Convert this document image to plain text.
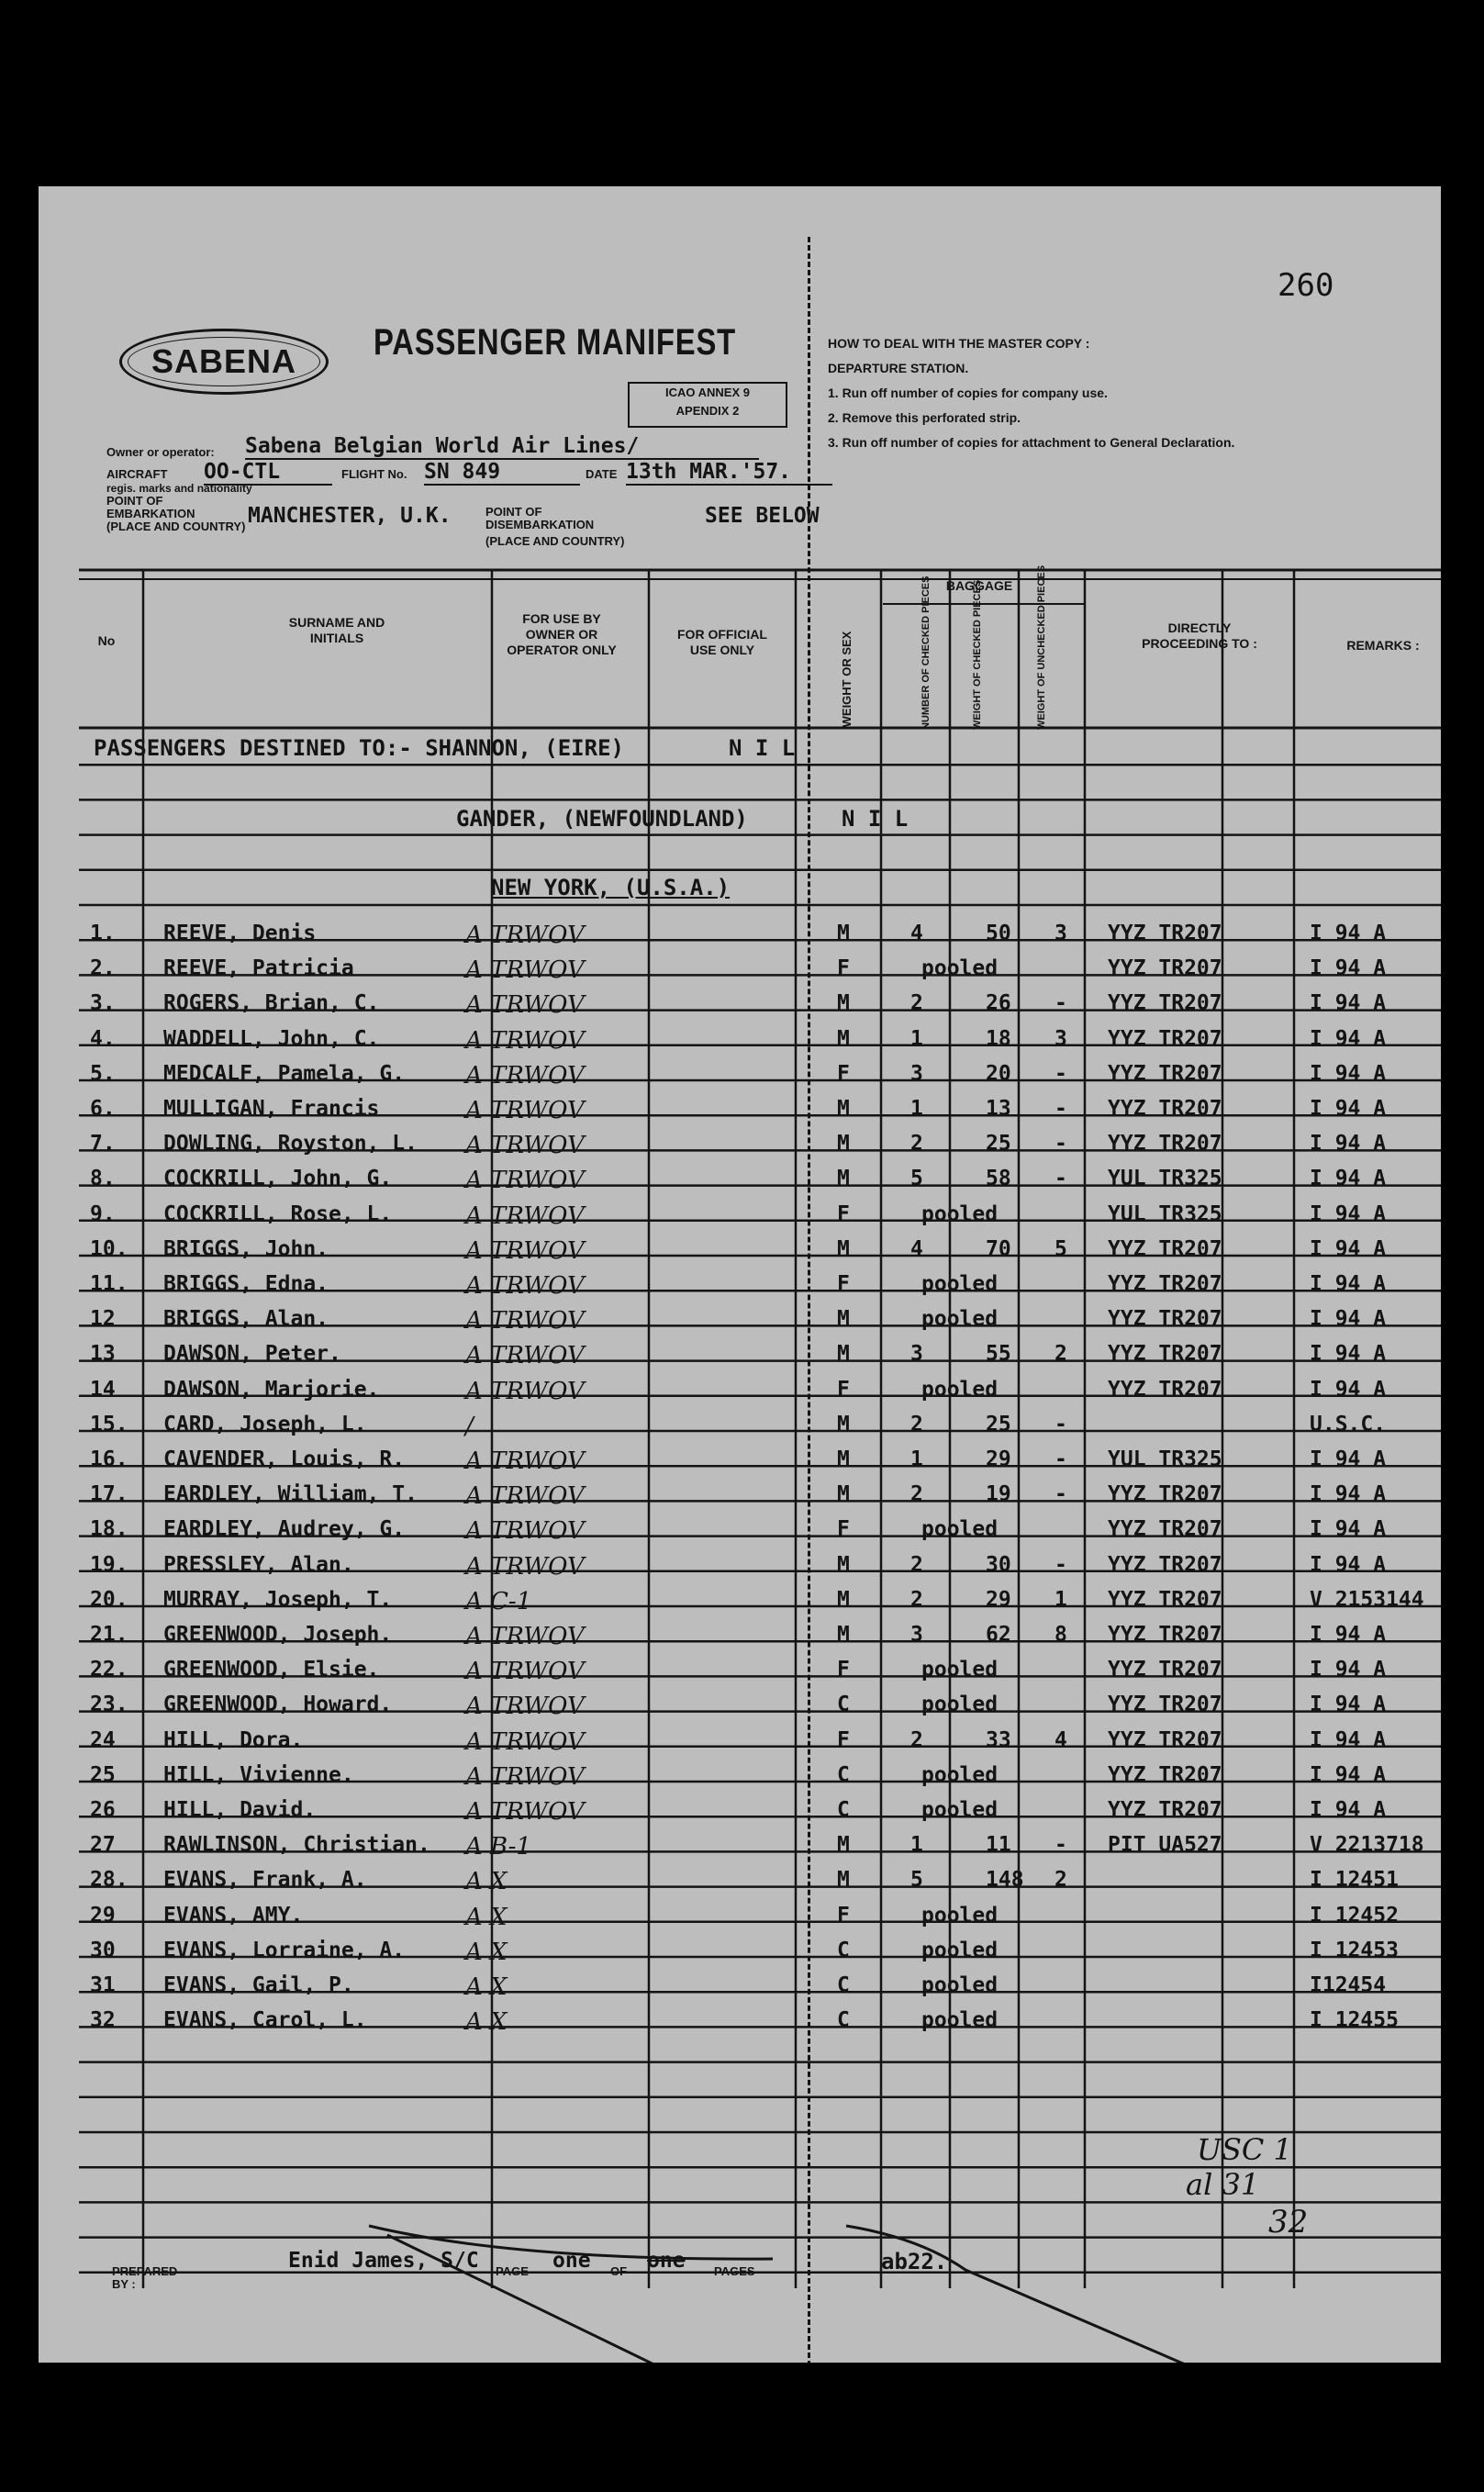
260
SABENA PASSENGER MANIFEST
ICAO ANNEX 9
APENDIX 2
HOW TO DEAL WITH THE MASTER COPY :
DEPARTURE STATION.
1. Run off number of copies for company use.
2. Remove this perforated strip.
3. Run off number of copies for attachment to General Declaration.
Owner or operator: Sabena Belgian World Air Lines/
AIRCRAFT
regis. marks and nationality
OO-CTL	FLIGHT No. SN 849	DATE 13th MAR.'57.
POINT OF EMBARKATION
(PLACE AND COUNTRY) MANCHESTER, U.K.	POINT OF DISEMBARKATION
(PLACE AND COUNTRY)
SEE BELOW
No
SURNAME AND INITIALS
FOR USE BY OWNER OR OPERATOR ONLY
FOR OFFICIAL USE ONLY	WEIGHT OR SEX
BAGGAGE
NUMBER OF CHECKED PIECES	WEIGHT OF CHECKED PIECES	WEIGHT OF UNCHECKED PIECES	DIRECTLY PROCEEDING TO :	REMARKS :
PASSENGERS DESTINED TO:- SHANNON, (EIRE)	N I L
GANDER, (NEWFOUNDLAND)	N I L
NEW YORK, (U.S.A.)
1. REEVE, Denis	A TRWOV	M	4	50 3 YYZ TR207	I 94 A
2. REEVE, Patricia	A TRWOV	F	pooled	YYZ TR207	I 94 A
3. ROGERS, Brian, C.	A TRWOV	M	2	26 - YYZ TR207	I 94 A
4. WADDELL, John, C.	A TRWOV	M	1	18 3 YYZ TR207	I 94 A
5. MEDCALF, Pamela, G.	A TRWOV	F	3	20 - YYZ TR207	I 94 A
6. MULLIGAN, Francis	A TRWOV	M	1	13 - YYZ TR207	I 94 A
7. DOWLING, Royston, L. A TRWOV	M	2	25 - YYZ TR207	I 94 A
8. COCKRILL, John, G.	A TRWOV	M	5	58 - YUL TR325	I 94 A
9. COCKRILL, Rose, L.	A TRWOV	F	pooled	YUL TR325	I 94 A
10. BRIGGS, John.	A TRWOV	M	4	70 5 YYZ TR207	I 94 A
11. BRIGGS, Edna.	A TRWOV	F	pooled	YYZ TR207	I 94 A
12 BRIGGS, Alan.	A TRWOV	M	pooled	YYZ TR207	I 94 A
13 DAWSON, Peter.	A TRWOV	M	3	55 2 YYZ TR207	I 94 A
14 DAWSON, Marjorie.	A TRWOV	F	pooled	YYZ TR207	I 94 A
15. CARD, Joseph, L.	/	M	2	25 -	U.S.C.
16. CAVENDER, Louis, R.	A TRWOV	M	1	29 - YUL TR325	I 94 A
17. EARDLEY, William, T. A TRWOV	M	2	19 - YYZ TR207	I 94 A
18. EARDLEY, Audrey, G.	A TRWOV	F	pooled	YYZ TR207	I 94 A
19. PRESSLEY, Alan.	A TRWOV	M	2	30 - YYZ TR207	I 94 A
20. MURRAY, Joseph, T.	A C-1	M	2	29 1 YYZ TR207	V 2153144
21. GREENWOOD, Joseph.	A TRWOV	M	3	62 8 YYZ TR207	I 94 A
22. GREENWOOD, Elsie.	A TRWOV	F	pooled	YYZ TR207	I 94 A
23. GREENWOOD, Howard.	A TRWOV	C	pooled	YYZ TR207	I 94 A
24 HILL, Dora.	A TRWOV	F	2	33 4 YYZ TR207	I 94 A
25 HILL, Vivienne.	A TRWOV	C	pooled	YYZ TR207	I 94 A
26 HILL, David.	A TRWOV	C	pooled	YYZ TR207	I 94 A
27 RAWLINSON, Christian. A B-1	M	1	11 - PIT UA527	V 2213718
28. EVANS, Frank, A.	A X	M	5	148 2	I 12451
29 EVANS, AMY.	A X	F	pooled	I 12452
30 EVANS, Lorraine, A.	A X	C	pooled	I 12453
31 EVANS, Gail, P.	A X	C	pooled	I12454
32 EVANS, Carol, L.	A X	C	pooled	I 12455
USC 1
al 31
32
PREPARED BY :
Enid James, S/C PAGE one OF one PAGES	ab22.
